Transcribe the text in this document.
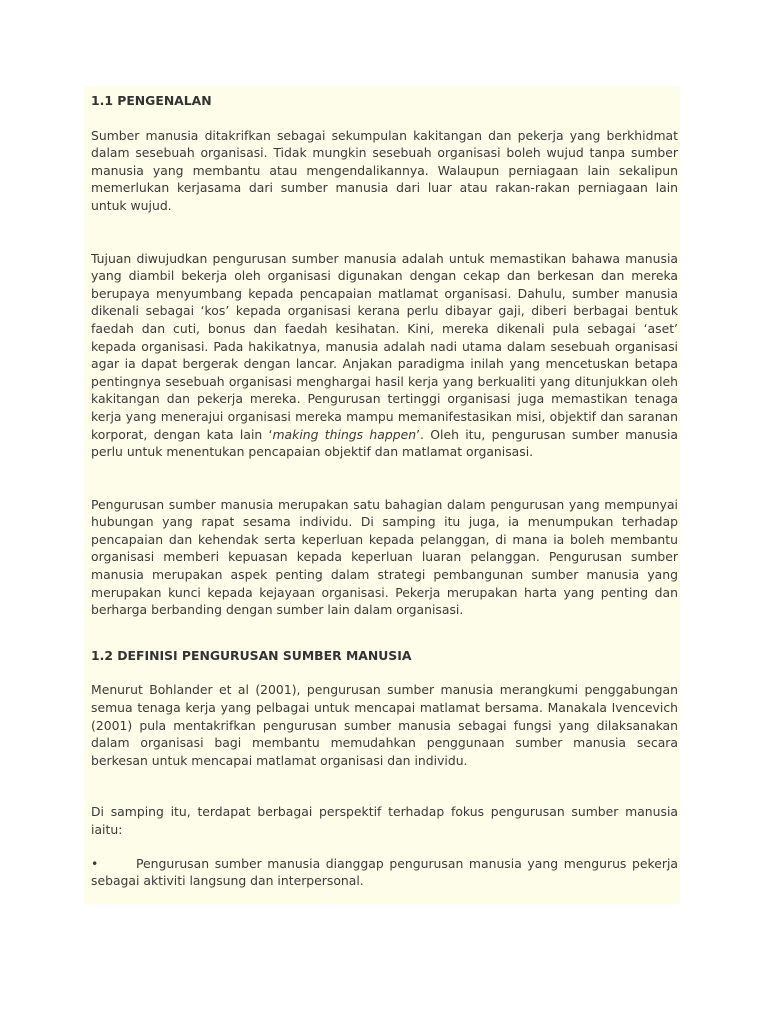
1.1 PENGENALAN

Sumber manusia ditakrifkan sebagai sekumpulan kakitangan dan pekerja yang berkhidmat dalam sesebuah organisasi. Tidak mungkin sesebuah organisasi boleh wujud tanpa sumber manusia yang membantu atau mengendalikannya. Walaupun perniagaan lain sekalipun memerlukan kerjasama dari sumber manusia dari luar atau rakan-rakan perniagaan lain untuk wujud.

Tujuan diwujudkan pengurusan sumber manusia adalah untuk memastikan bahawa manusia yang diambil bekerja oleh organisasi digunakan dengan cekap dan berkesan dan mereka berupaya menyumbang kepada pencapaian matlamat organisasi. Dahulu, sumber manusia dikenali sebagai ‘kos’ kepada organisasi kerana perlu dibayar gaji, diberi berbagai bentuk faedah dan cuti, bonus dan faedah kesihatan. Kini, mereka dikenali pula sebagai ‘aset’ kepada organisasi. Pada hakikatnya, manusia adalah nadi utama dalam sesebuah organisasi agar ia dapat bergerak dengan lancar. Anjakan paradigma inilah yang mencetuskan betapa pentingnya sesebuah organisasi menghargai hasil kerja yang berkualiti yang ditunjukkan oleh kakitangan dan pekerja mereka. Pengurusan tertinggi organisasi juga memastikan tenaga kerja yang menerajui organisasi mereka mampu memanifestasikan misi, objektif dan saranan korporat, dengan kata lain ‘making things happen’. Oleh itu, pengurusan sumber manusia perlu untuk menentukan pencapaian objektif dan matlamat organisasi.

Pengurusan sumber manusia merupakan satu bahagian dalam pengurusan yang mempunyai hubungan yang rapat sesama individu. Di samping itu juga, ia menumpukan terhadap pencapaian dan kehendak serta keperluan kepada pelanggan, di mana ia boleh membantu organisasi memberi kepuasan kepada keperluan luaran pelanggan. Pengurusan sumber manusia merupakan aspek penting dalam strategi pembangunan sumber manusia yang merupakan kunci kepada kejayaan organisasi. Pekerja merupakan harta yang penting dan berharga berbanding dengan sumber lain dalam organisasi.

1.2 DEFINISI PENGURUSAN SUMBER MANUSIA

Menurut Bohlander et al (2001), pengurusan sumber manusia merangkumi penggabungan semua tenaga kerja yang pelbagai untuk mencapai matlamat bersama. Manakala Ivencevich (2001) pula mentakrifkan pengurusan sumber manusia sebagai fungsi yang dilaksanakan dalam organisasi bagi membantu memudahkan penggunaan sumber manusia secara berkesan untuk mencapai matlamat organisasi dan individu.

Di samping itu, terdapat berbagai perspektif terhadap fokus pengurusan sumber manusia iaitu:

•	Pengurusan sumber manusia dianggap pengurusan manusia yang mengurus pekerja sebagai aktiviti langsung dan interpersonal.
